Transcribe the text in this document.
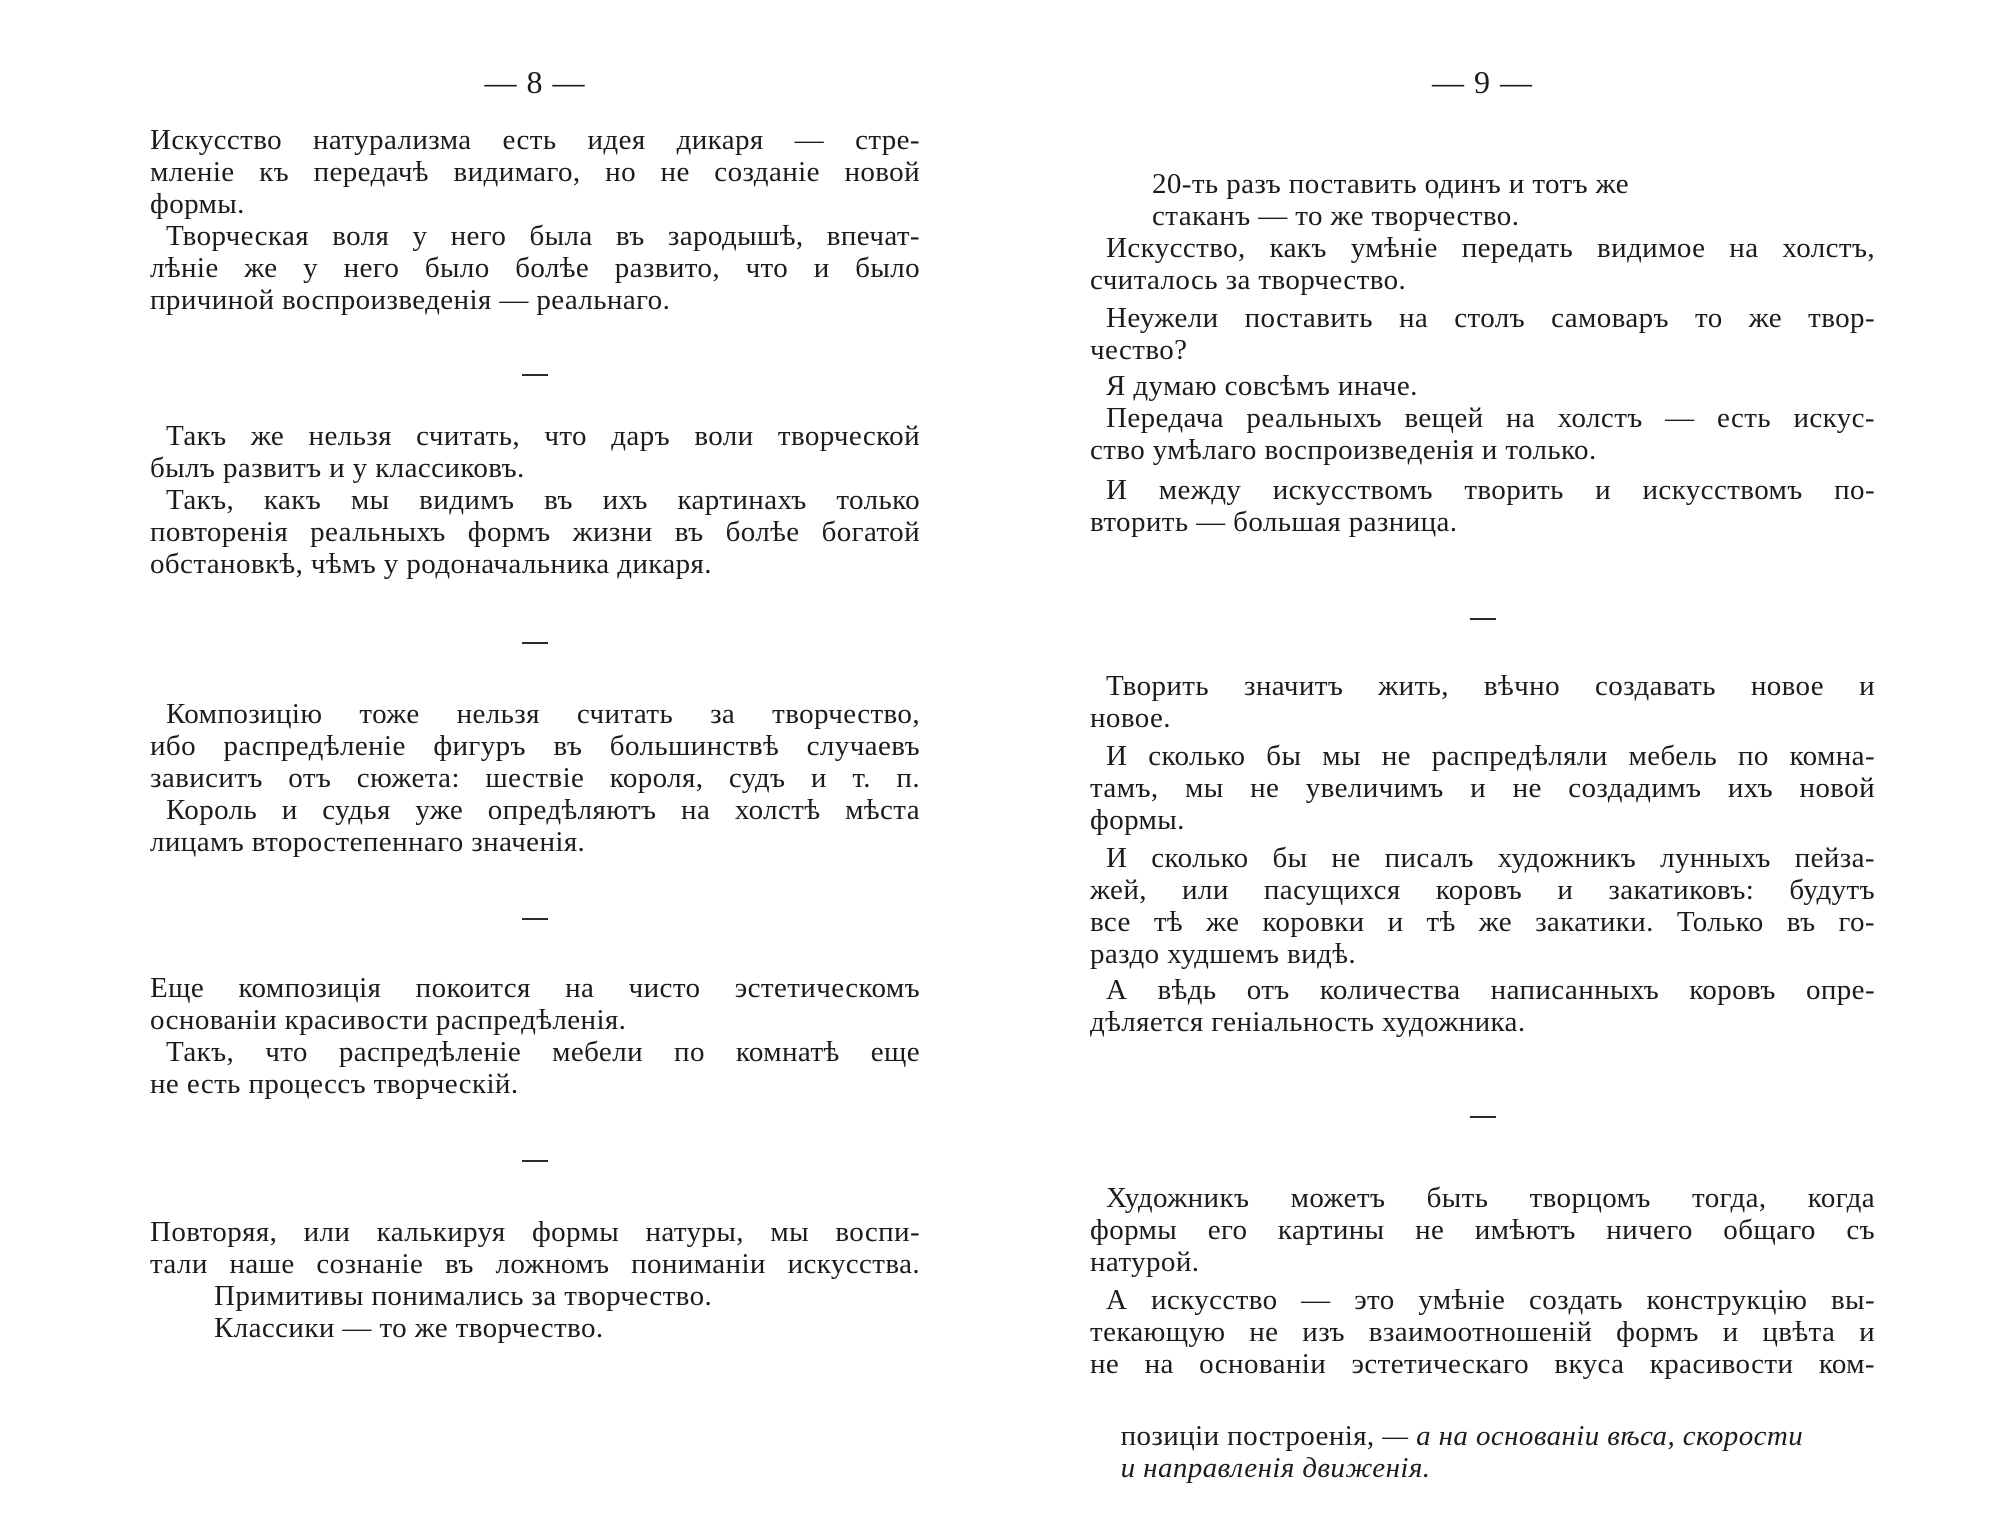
— 8 —
Искусство натурализма есть идея дикаря — стре-
мленіе къ передачѣ видимаго, но не созданіе новой
формы.
Творческая воля у него была въ зародышѣ, впечат-
лѣніе же у него было болѣе развито, что и было
причиной воспроизведенія — реальнаго.
Такъ же нельзя считать, что даръ воли творческой
былъ развитъ и у классиковъ.
Такъ, какъ мы видимъ въ ихъ картинахъ только
повторенія реальныхъ формъ жизни въ болѣе богатой
обстановкѣ, чѣмъ у родоначальника дикаря.
Композицію тоже нельзя считать за творчество,
ибо распредѣленіе фигуръ въ большинствѣ случаевъ
зависитъ отъ сюжета: шествіе короля, судъ и т. п.
Король и судья уже опредѣляютъ на холстѣ мѣста
лицамъ второстепеннаго значенія.
Еще композиція покоится на чисто эстетическомъ
основаніи красивости распредѣленія.
Такъ, что распредѣленіе мебели по комнатѣ еще
не есть процессъ творческій.
Повторяя, или калькируя формы натуры, мы воспи-
тали наше сознаніе въ ложномъ пониманіи искусства.
Примитивы понимались за творчество.
Классики — то же творчество.
— 9 —
20-ть разъ поставить одинъ и тотъ же
стаканъ — то же творчество.
Искусство, какъ умѣніе передать видимое на холстъ,
считалось за творчество.
Неужели поставить на столъ самоваръ то же твор-
чество?
Я думаю совсѣмъ иначе.
Передача реальныхъ вещей на холстъ — есть искус-
ство умѣлаго воспроизведенія и только.
И между искусствомъ творить и искусствомъ по-
вторить — большая разница.
Творить значитъ жить, вѣчно создавать новое и
новое.
И сколько бы мы не распредѣляли мебель по комна-
тамъ, мы не увеличимъ и не создадимъ ихъ новой
формы.
И сколько бы не писалъ художникъ лунныхъ пейза-
жей, или пасущихся коровъ и закатиковъ: будутъ
все тѣ же коровки и тѣ же закатики. Только въ го-
раздо худшемъ видѣ.
А вѣдь отъ количества написанныхъ коровъ опре-
дѣляется геніальность художника.
Художникъ можетъ быть творцомъ тогда, когда
формы его картины не имѣютъ ничего общаго съ
натурой.
А искусство — это умѣніе создать конструкцію вы-
текающую не изъ взаимоотношеній формъ и цвѣта и
не на основаніи эстетическаго вкуса красивости ком-

позиціи построенія, — а на основаніи вѣса, скорости

и направленія движенія.
